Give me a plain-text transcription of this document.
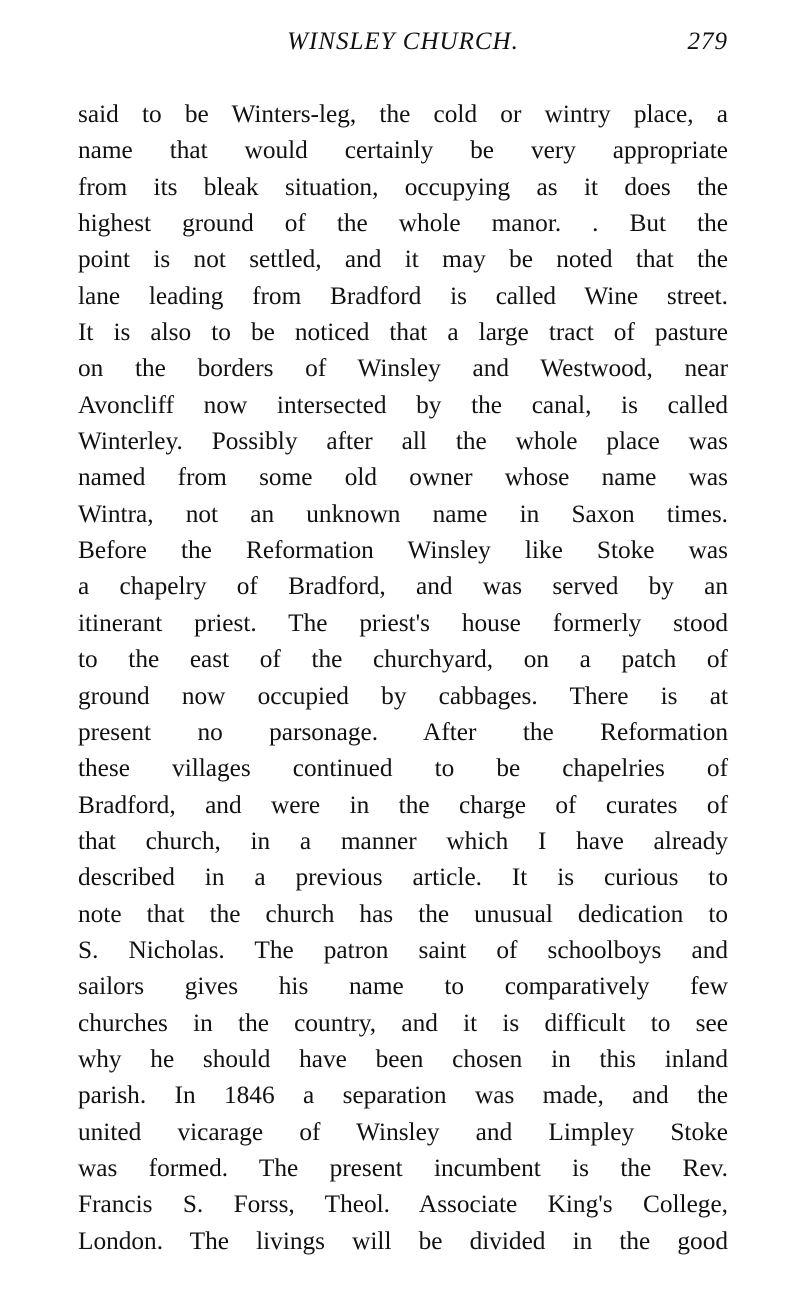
WINSLEY CHURCH.	279
said to be Winters-leg, the cold or wintry place, a
name that would certainly be very appropriate
from its bleak situation, occupying as it does the
highest ground of the whole manor. . But the
point is not settled, and it may be noted that the
lane leading from Bradford is called Wine street.
It is also to be noticed that a large tract of pasture
on the borders of Winsley and Westwood, near
Avoncliff now intersected by the canal, is called
Winterley. Possibly after all the whole place was
named from some old owner whose name was
Wintra, not an unknown name in Saxon times.
Before the Reformation Winsley like Stoke was
a chapelry of Bradford, and was served by an
itinerant priest. The priest's house formerly stood
to the east of the churchyard, on a patch of
ground now occupied by cabbages. There is at
present no parsonage. After the Reformation
these villages continued to be chapelries of
Bradford, and were in the charge of curates of
that church, in a manner which I have already
described in a previous article. It is curious to
note that the church has the unusual dedication to
S. Nicholas. The patron saint of schoolboys and
sailors gives his name to comparatively few
churches in the country, and it is difficult to see
why he should have been chosen in this inland
parish. In 1846 a separation was made, and the
united vicarage of Winsley and Limpley Stoke
was formed. The present incumbent is the Rev.
Francis S. Forss, Theol. Associate King's College,
London. The livings will be divided in the good
